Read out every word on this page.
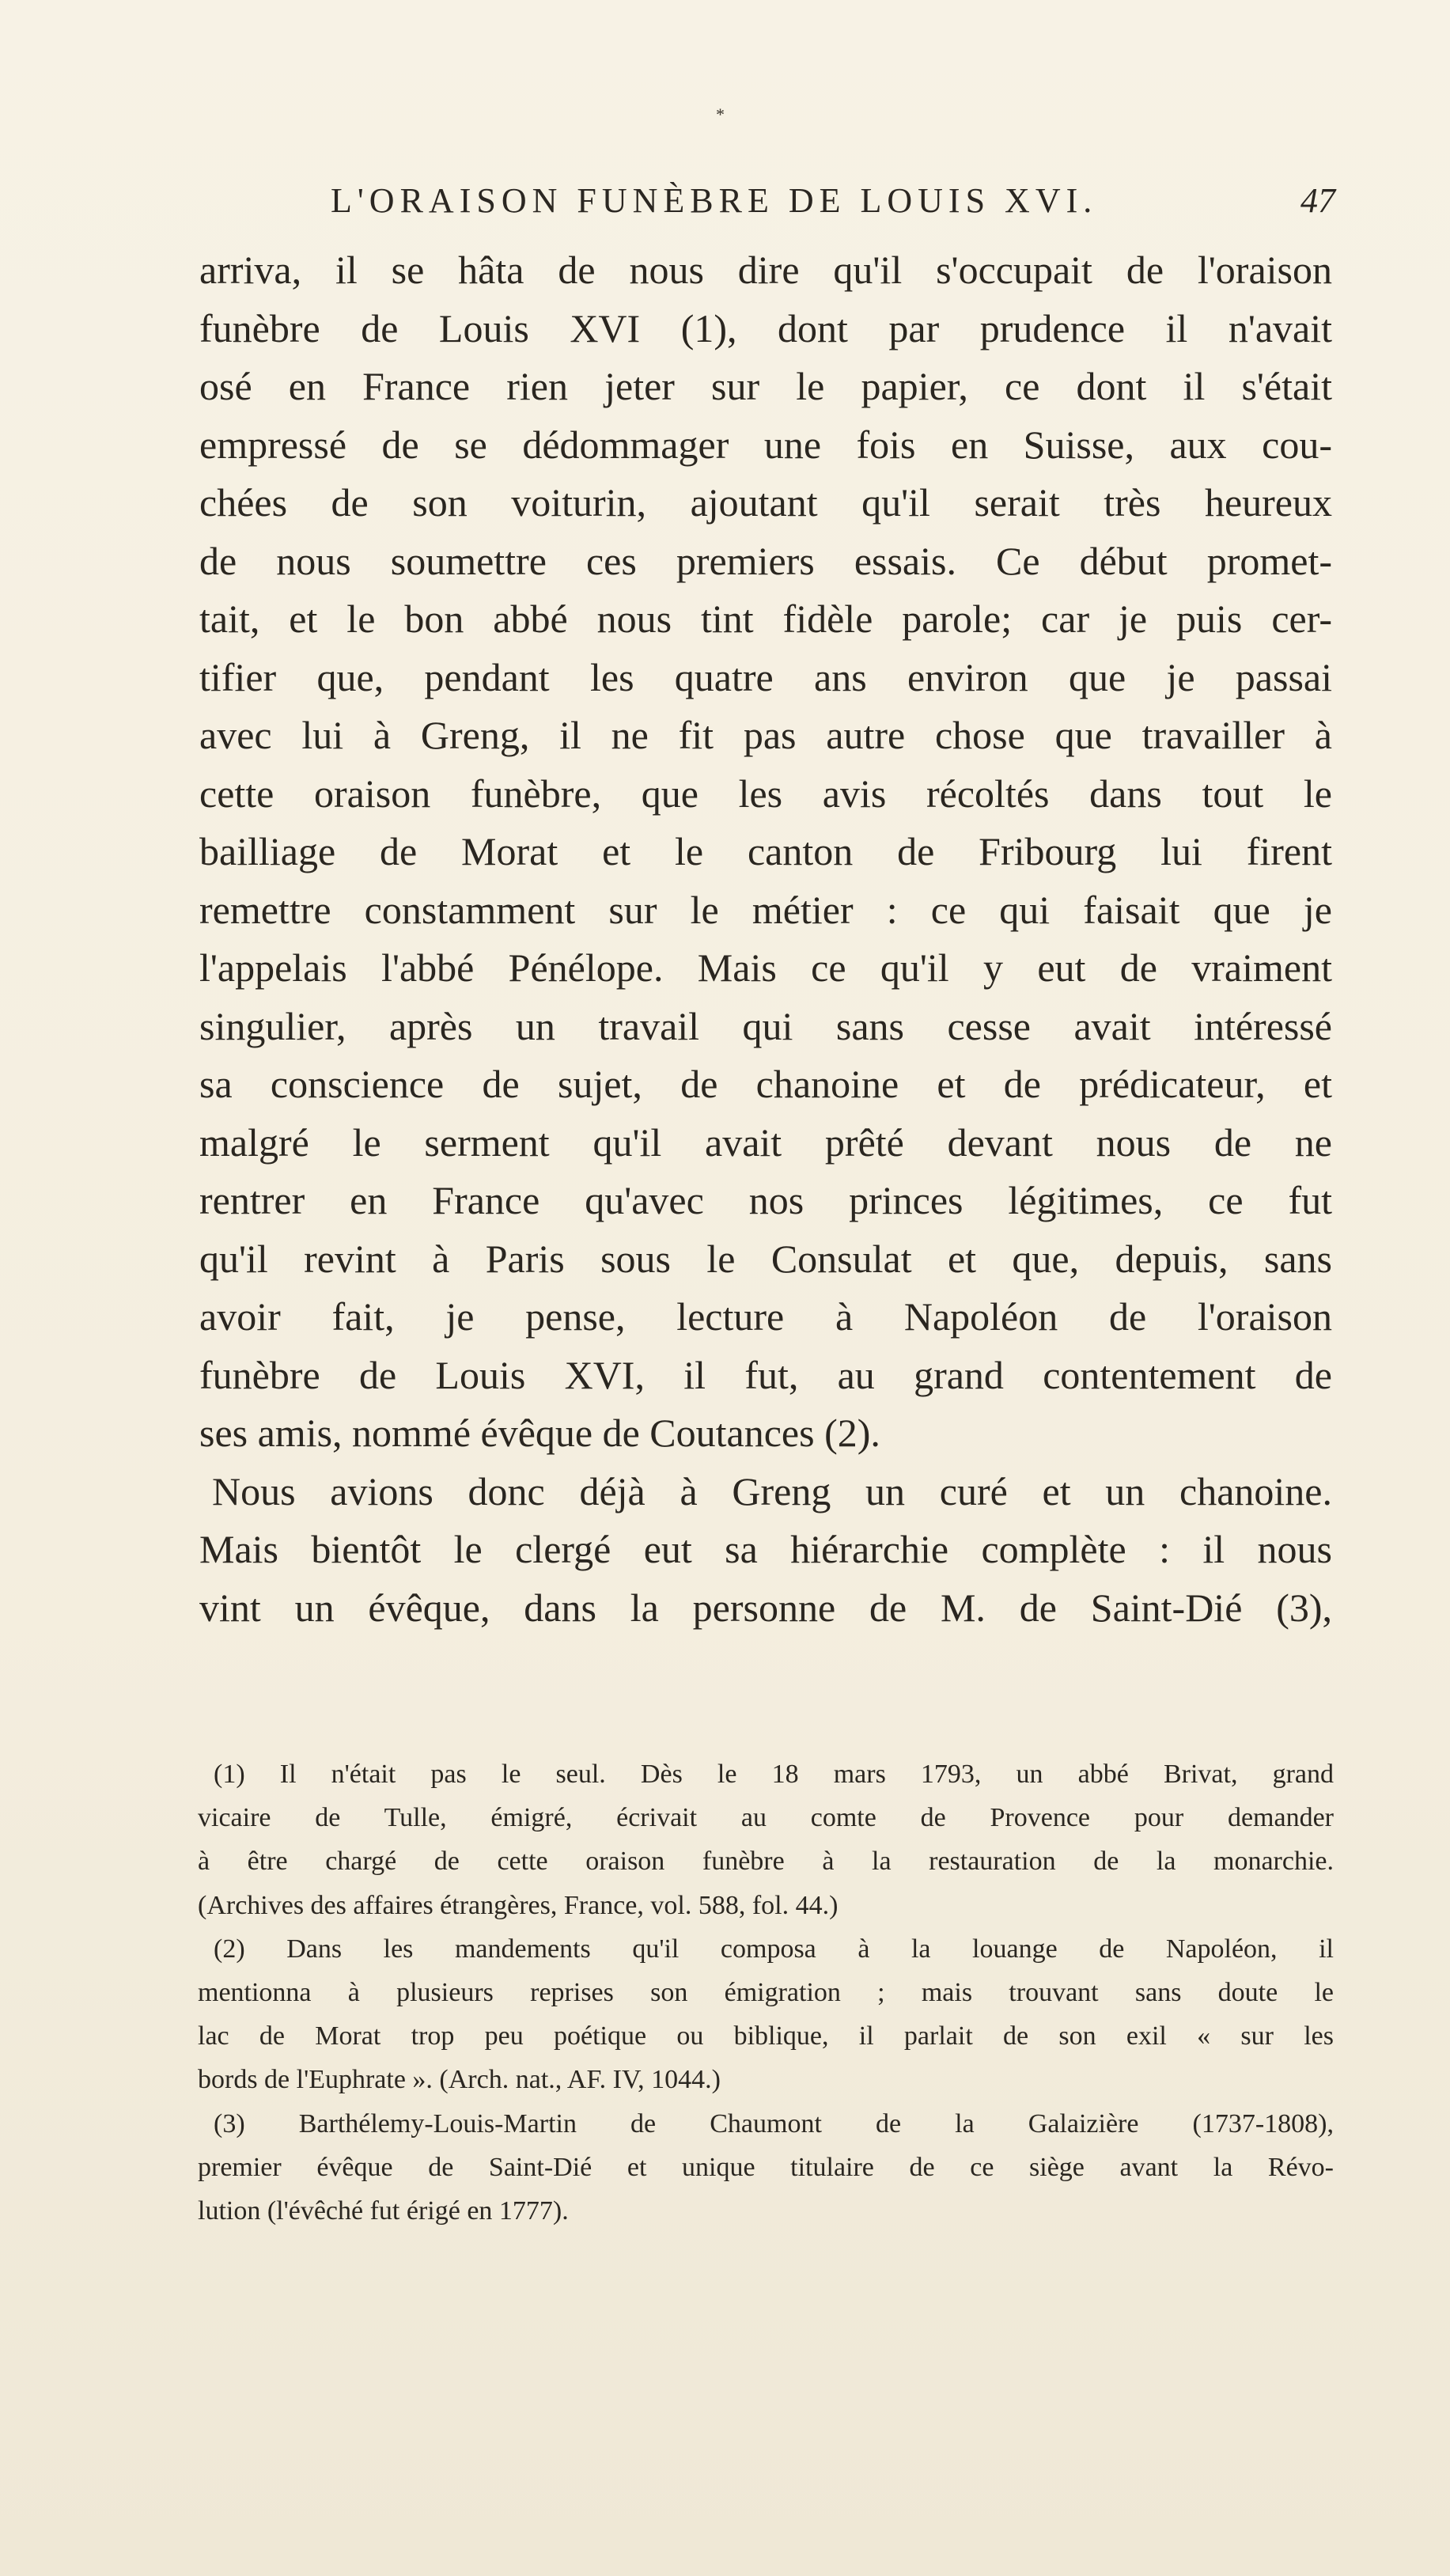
*
L'ORAISON FUNÈBRE DE LOUIS XVI.	47
arriva, il se hâta de nous dire qu'il s'occupait de l'oraison
funèbre de Louis XVI (1), dont par prudence il n'avait
osé en France rien jeter sur le papier, ce dont il s'était
empressé de se dédommager une fois en Suisse, aux cou-
chées de son voiturin, ajoutant qu'il serait très heureux
de nous soumettre ces premiers essais. Ce début promet-
tait, et le bon abbé nous tint fidèle parole; car je puis cer-
tifier que, pendant les quatre ans environ que je passai
avec lui à Greng, il ne fit pas autre chose que travailler à
cette oraison funèbre, que les avis récoltés dans tout le
bailliage de Morat et le canton de Fribourg lui firent
remettre constamment sur le métier : ce qui faisait que je
l'appelais l'abbé Pénélope. Mais ce qu'il y eut de vraiment
singulier, après un travail qui sans cesse avait intéressé
sa conscience de sujet, de chanoine et de prédicateur, et
malgré le serment qu'il avait prêté devant nous de ne
rentrer en France qu'avec nos princes légitimes, ce fut
qu'il revint à Paris sous le Consulat et que, depuis, sans
avoir fait, je pense, lecture à Napoléon de l'oraison
funèbre de Louis XVI, il fut, au grand contentement de
ses amis, nommé évêque de Coutances (2).
Nous avions donc déjà à Greng un curé et un chanoine.
Mais bientôt le clergé eut sa hiérarchie complète : il nous
vint un évêque, dans la personne de M. de Saint-Dié (3),
(1) Il n'était pas le seul. Dès le 18 mars 1793, un abbé Brivat, grand
vicaire de Tulle, émigré, écrivait au comte de Provence pour demander
à être chargé de cette oraison funèbre à la restauration de la monarchie.
(Archives des affaires étrangères, France, vol. 588, fol. 44.)
(2) Dans les mandements qu'il composa à la louange de Napoléon, il
mentionna à plusieurs reprises son émigration ; mais trouvant sans doute le
lac de Morat trop peu poétique ou biblique, il parlait de son exil « sur les
bords de l'Euphrate ». (Arch. nat., AF. IV, 1044.)
(3) Barthélemy-Louis-Martin de Chaumont de la Galaizière (1737-1808),
premier évêque de Saint-Dié et unique titulaire de ce siège avant la Révo-
lution (l'évêché fut érigé en 1777).
